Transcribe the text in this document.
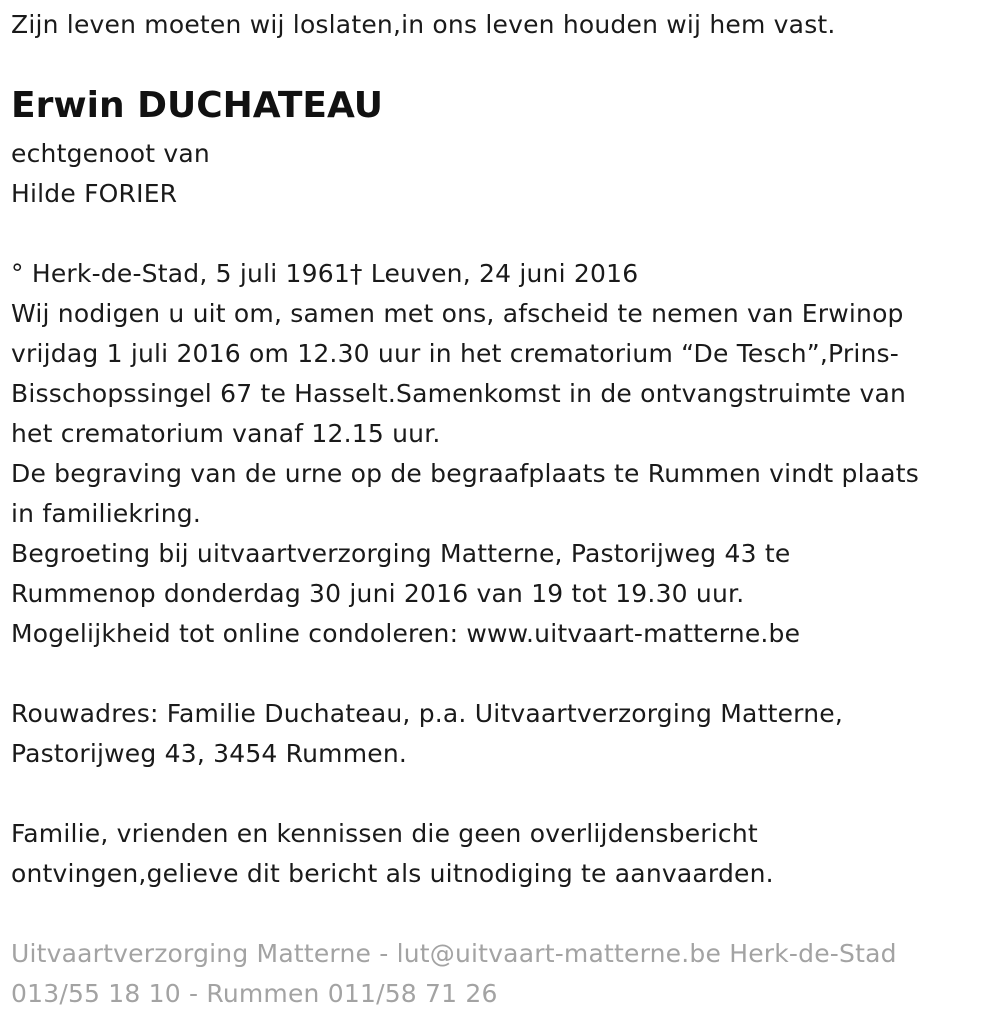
Zijn leven moeten wij loslaten,in ons leven houden wij hem vast.
Erwin DUCHATEAU
echtgenoot van
Hilde FORIER
° Herk-de-Stad, 5 juli 1961† Leuven, 24 juni 2016
Wij nodigen u uit om, samen met ons, afscheid te nemen van Erwinop
vrijdag 1 juli 2016 om 12.30 uur in het crematorium “De Tesch”,Prins-
Bisschopssingel 67 te Hasselt.Samenkomst in de ontvangstruimte van
het crematorium vanaf 12.15 uur.
De begraving van de urne op de begraafplaats te Rummen vindt plaats
in familiekring.
Begroeting bij uitvaartverzorging Matterne, Pastorijweg 43 te
Rummenop donderdag 30 juni 2016 van 19 tot 19.30 uur.
Mogelijkheid tot online condoleren: www.uitvaart-matterne.be
Rouwadres: Familie Duchateau, p.a. Uitvaartverzorging Matterne,
Pastorijweg 43, 3454 Rummen.
Familie, vrienden en kennissen die geen overlijdensbericht
ontvingen,gelieve dit bericht als uitnodiging te aanvaarden.
Uitvaartverzorging Matterne - lut@uitvaart-matterne.be Herk-de-Stad
013/55 18 10 - Rummen 011/58 71 26
